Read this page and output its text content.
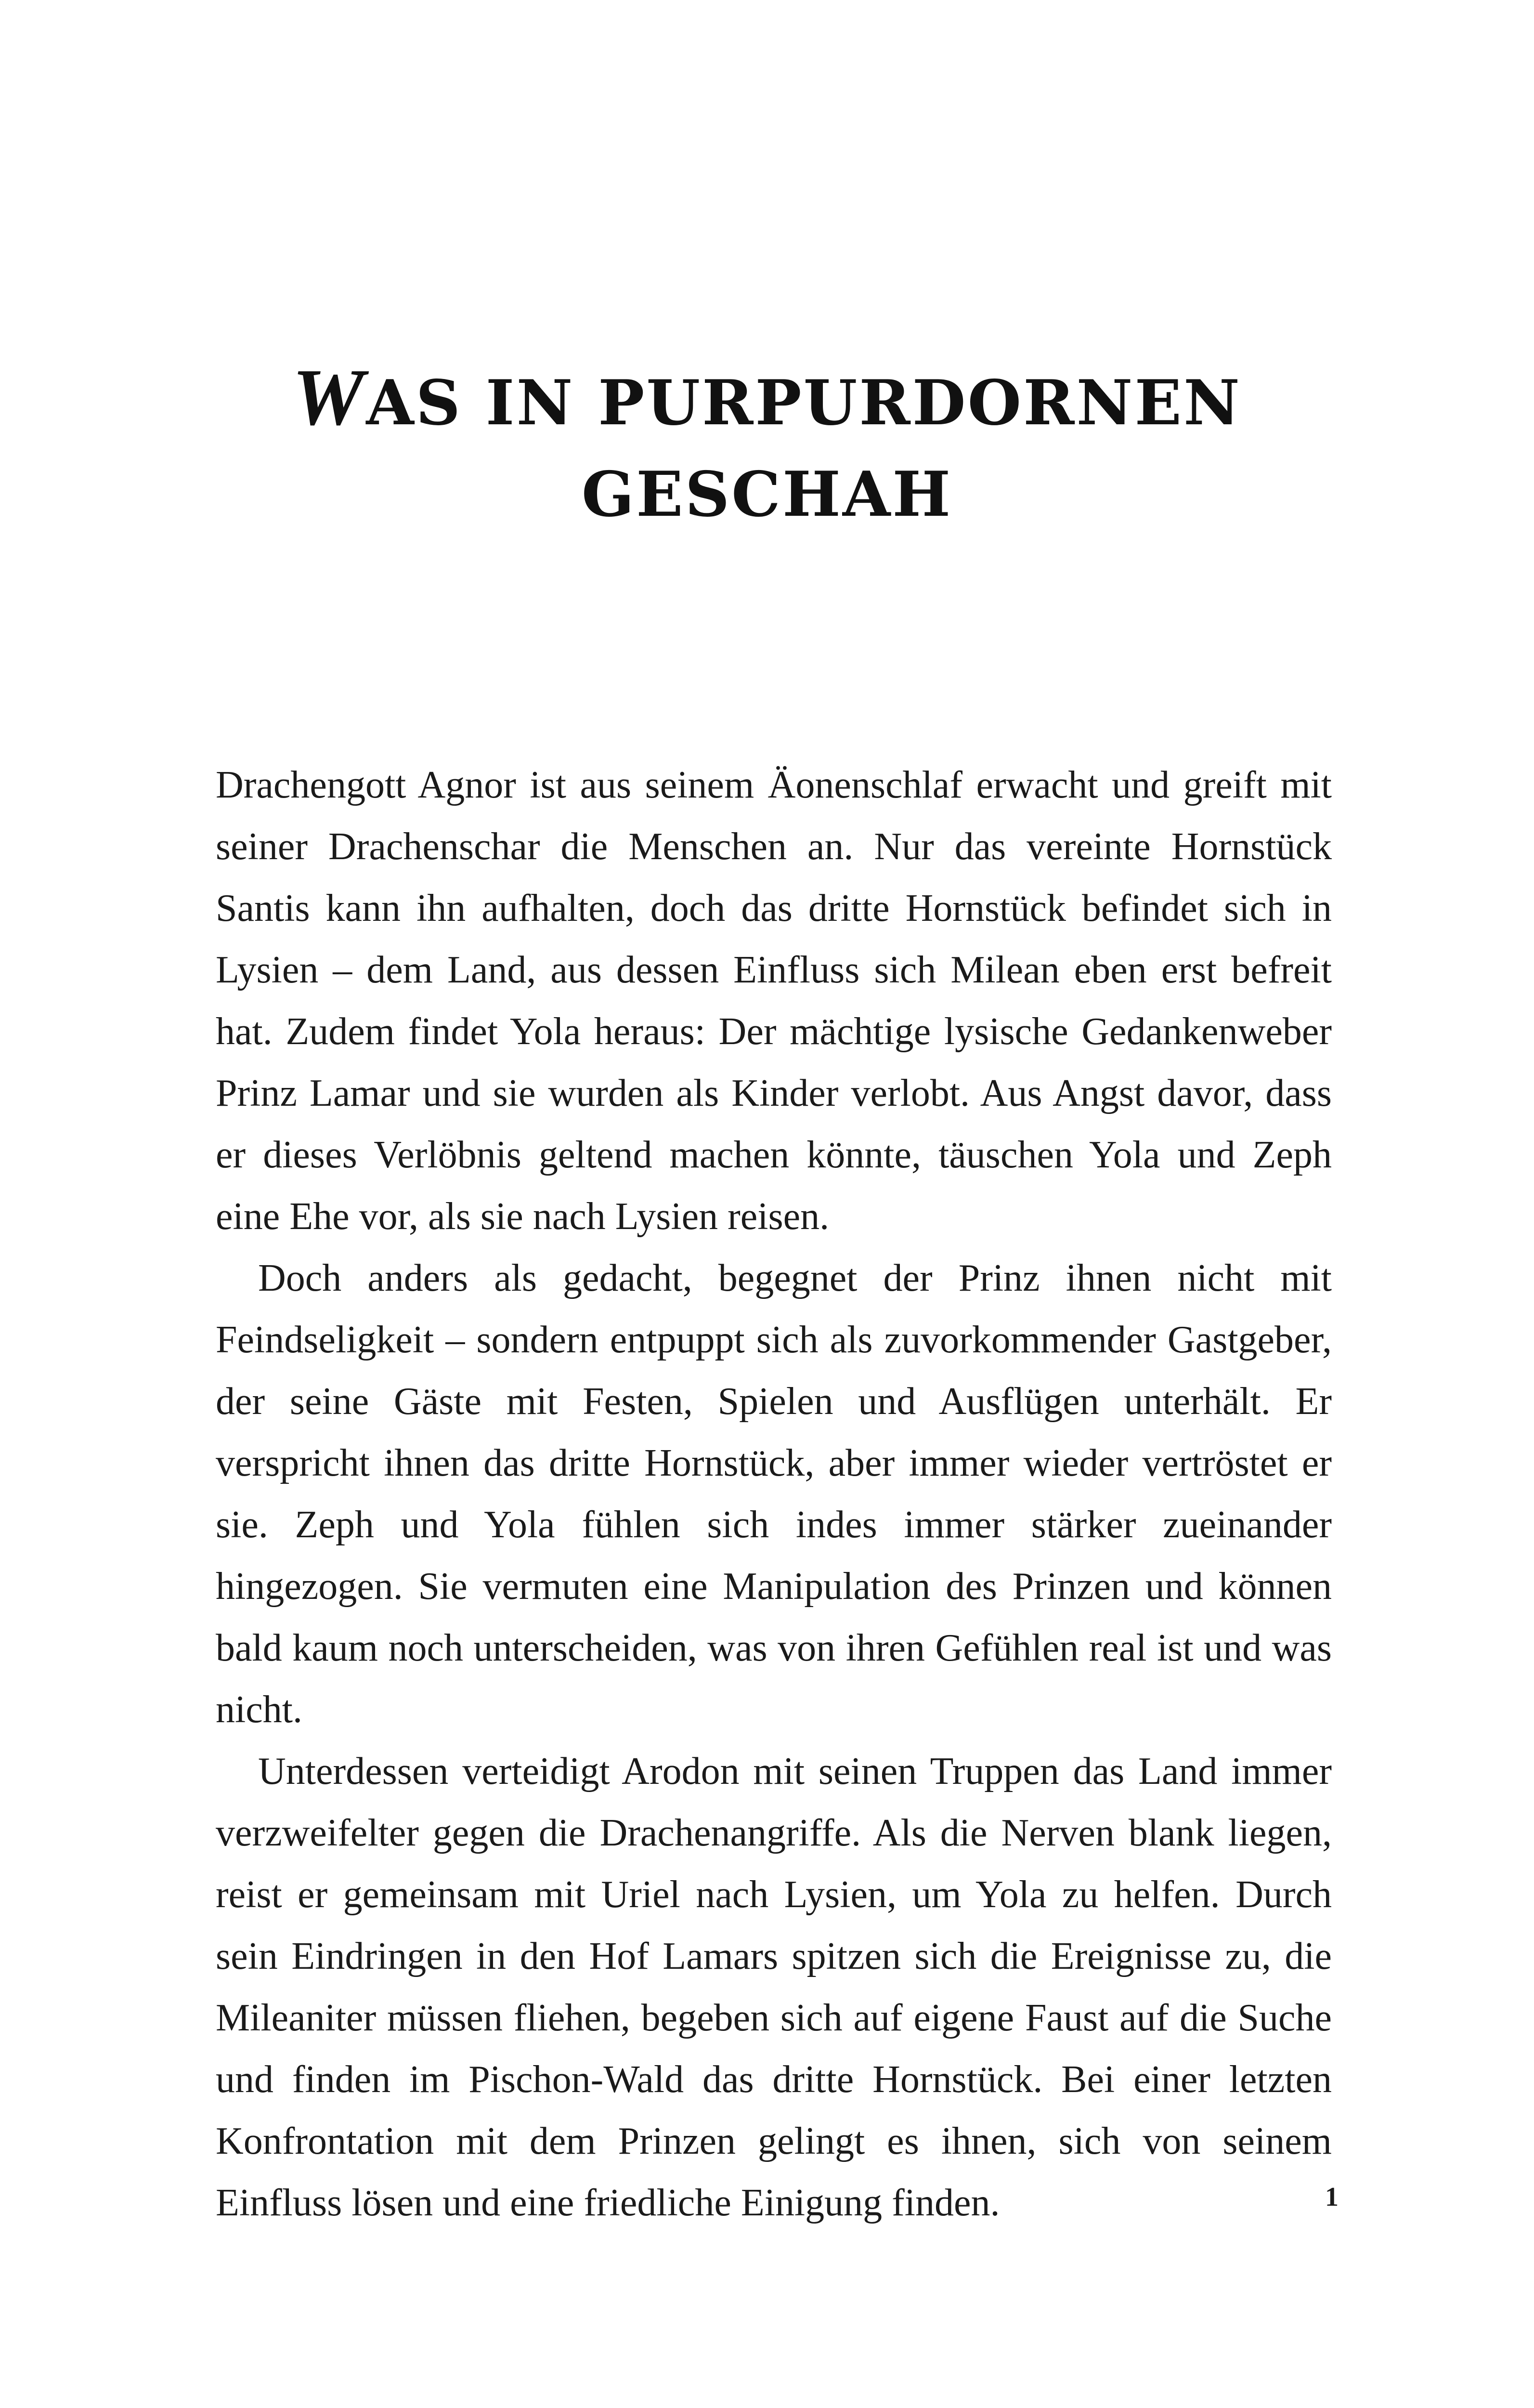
WAS IN PURPURDORNEN
GESCHAH

Drachengott Agnor ist aus seinem Äonenschlaf erwacht und greift mit seiner Drachenschar die Menschen an. Nur das vereinte Hornstück Santis kann ihn aufhalten, doch das dritte Hornstück befindet sich in Lysien – dem Land, aus dessen Einfluss sich Milean eben erst befreit hat. Zudem findet Yola heraus: Der mächtige lysische Gedankenweber Prinz Lamar und sie wurden als Kinder verlobt. Aus Angst davor, dass er dieses Verlöbnis geltend machen könnte, täuschen Yola und Zeph eine Ehe vor, als sie nach Lysien reisen.

Doch anders als gedacht, begegnet der Prinz ihnen nicht mit Feindseligkeit – sondern entpuppt sich als zuvorkommender Gastgeber, der seine Gäste mit Festen, Spielen und Ausflügen unterhält. Er verspricht ihnen das dritte Hornstück, aber immer wieder vertröstet er sie. Zeph und Yola fühlen sich indes immer stärker zueinander hingezogen. Sie vermuten eine Manipulation des Prinzen und können bald kaum noch unterscheiden, was von ihren Gefühlen real ist und was nicht.

Unterdessen verteidigt Arodon mit seinen Truppen das Land immer verzweifelter gegen die Drachenangriffe. Als die Nerven blank liegen, reist er gemeinsam mit Uriel nach Lysien, um Yola zu helfen. Durch sein Eindringen in den Hof Lamars spitzen sich die Ereignisse zu, die Mileaniter müssen fliehen, begeben sich auf eigene Faust auf die Suche und finden im Pischon-Wald das dritte Hornstück. Bei einer letzten Konfrontation mit dem Prinzen gelingt es ihnen, sich von seinem Einfluss lösen und eine friedliche Einigung finden.	1
